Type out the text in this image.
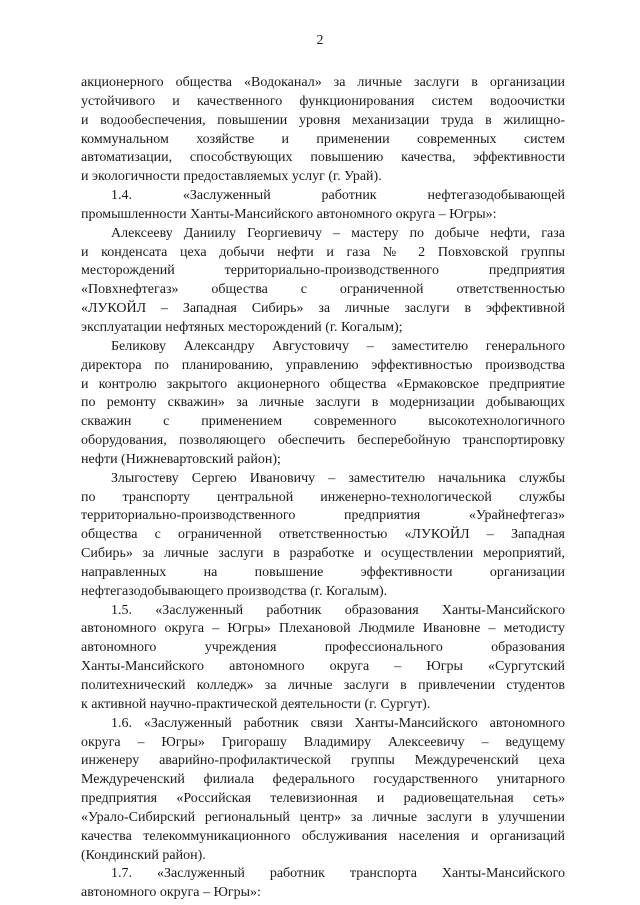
2
акционерного общества «Водоканал» за личные заслуги в организации
устойчивого и качественного функционирования систем водоочистки
и водообеспечения, повышении уровня механизации труда в жилищно-
коммунальном хозяйстве и применении современных систем
автоматизации, способствующих повышению качества, эффективности
и экологичности предоставляемых услуг (г. Урай).
1.4. «Заслуженный работник нефтегазодобывающей
промышленности Ханты-Мансийского автономного округа – Югры»:
Алексееву Даниилу Георгиевичу – мастеру по добыче нефти, газа
и конденсата цеха добычи нефти и газа № 2 Повховской группы
месторождений территориально-производственного предприятия
«Повхнефтегаз» общества с ограниченной ответственностью
«ЛУКОЙЛ – Западная Сибирь» за личные заслуги в эффективной
эксплуатации нефтяных месторождений (г. Когалым);
Беликову Александру Августовичу – заместителю генерального
директора по планированию, управлению эффективностью производства
и контролю закрытого акционерного общества «Ермаковское предприятие
по ремонту скважин» за личные заслуги в модернизации добывающих
скважин с применением современного высокотехнологичного
оборудования, позволяющего обеспечить бесперебойную транспортировку
нефти (Нижневартовский район);
Злыгостеву Сергею Ивановичу – заместителю начальника службы
по транспорту центральной инженерно-технологической службы
территориально-производственного предприятия «Урайнефтегаз»
общества с ограниченной ответственностью «ЛУКОЙЛ – Западная
Сибирь» за личные заслуги в разработке и осуществлении мероприятий,
направленных на повышение эффективности организации
нефтегазодобывающего производства (г. Когалым).
1.5. «Заслуженный работник образования Ханты-Мансийского
автономного округа – Югры» Плехановой Людмиле Ивановне – методисту
автономного учреждения профессионального образования
Ханты-Мансийского автономного округа – Югры «Сургутский
политехнический колледж» за личные заслуги в привлечении студентов
к активной научно-практической деятельности (г. Сургут).
1.6. «Заслуженный работник связи Ханты-Мансийского автономного
округа – Югры» Григорашу Владимиру Алексеевичу – ведущему
инженеру аварийно-профилактической группы Междуреченский цеха
Междуреченский филиала федерального государственного унитарного
предприятия «Российская телевизионная и радиовещательная сеть»
«Урало-Сибирский региональный центр» за личные заслуги в улучшении
качества телекоммуникационного обслуживания населения и организаций
(Кондинский район).
1.7. «Заслуженный работник транспорта Ханты-Мансийского
автономного округа – Югры»:
